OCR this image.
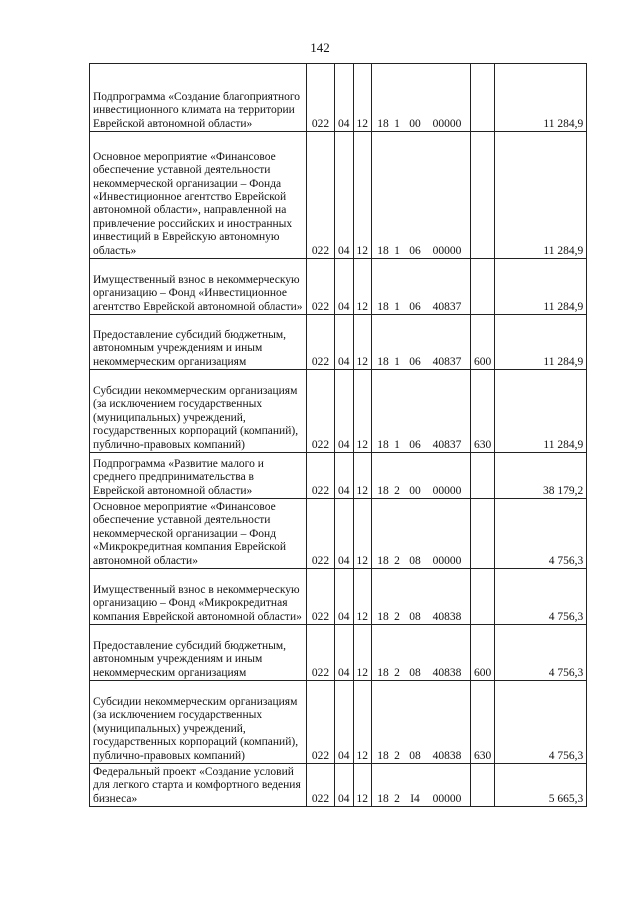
142
Подпрограмма «Создание благоприятного инвестиционного климата на территории Еврейской автономной области»	022	04	12	18 1 00 00000		11 284,9
Основное мероприятие «Финансовое обеспечение уставной деятельности некоммерческой организации – Фонда «Инвестиционное агентство Еврейской автономной области», направленной на привлечение российских и иностранных инвестиций в Еврейскую автономную область»	022	04	12	18 1 06 00000		11 284,9
Имущественный взнос в некоммерческую организацию – Фонд «Инвестиционное агентство Еврейской автономной области»	022	04	12	18 1 06 40837		11 284,9
Предоставление субсидий бюджетным, автономным учреждениям и иным некоммерческим организациям	022	04	12	18 1 06 40837	600	11 284,9
Субсидии некоммерческим организациям (за исключением государственных (муниципальных) учреждений, государственных корпораций (компаний), публично-правовых компаний)	022	04	12	18 1 06 40837	630	11 284,9
Подпрограмма «Развитие малого и среднего предпринимательства в Еврейской автономной области»	022	04	12	18 2 00 00000		38 179,2
Основное мероприятие «Финансовое обеспечение уставной деятельности некоммерческой организации – Фонд «Микрокредитная компания Еврейской автономной области»	022	04	12	18 2 08 00000		4 756,3
Имущественный взнос в некоммерческую организацию – Фонд «Микрокредитная компания Еврейской автономной области»	022	04	12	18 2 08 40838		4 756,3
Предоставление субсидий бюджетным, автономным учреждениям и иным некоммерческим организациям	022	04	12	18 2 08 40838	600	4 756,3
Субсидии некоммерческим организациям (за исключением государственных (муниципальных) учреждений, государственных корпораций (компаний), публично-правовых компаний)	022	04	12	18 2 08 40838	630	4 756,3
Федеральный проект «Создание условий для легкого старта и комфортного ведения бизнеса»	022	04	12	18 2 I4 00000		5 665,3
